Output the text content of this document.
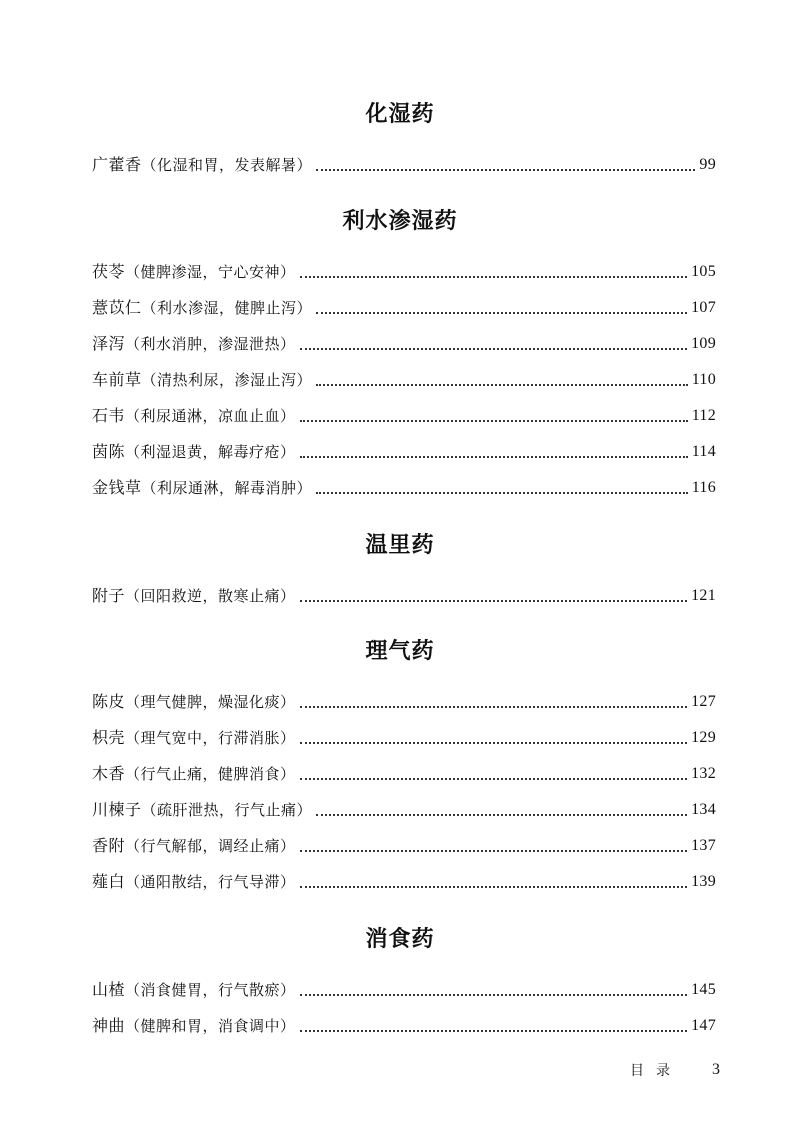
化湿药
广藿香（化湿和胃，发表解暑）	99
利水渗湿药
茯苓（健脾渗湿，宁心安神）	105
薏苡仁（利水渗湿，健脾止泻）	107
泽泻（利水消肿，渗湿泄热）	109
车前草（清热利尿，渗湿止泻）	110
石韦（利尿通淋，凉血止血）	112
茵陈（利湿退黄，解毒疗疮）	114
金钱草（利尿通淋，解毒消肿）	116
温里药
附子（回阳救逆，散寒止痛）	121
理气药
陈皮（理气健脾，燥湿化痰）	127
枳壳（理气宽中，行滞消胀）	129
木香（行气止痛，健脾消食）	132
川楝子（疏肝泄热，行气止痛）	134
香附（行气解郁，调经止痛）	137
薤白（通阳散结，行气导滞）	139
消食药
山楂（消食健胃，行气散瘀）	145
神曲（健脾和胃，消食调中）	147
目录 3
